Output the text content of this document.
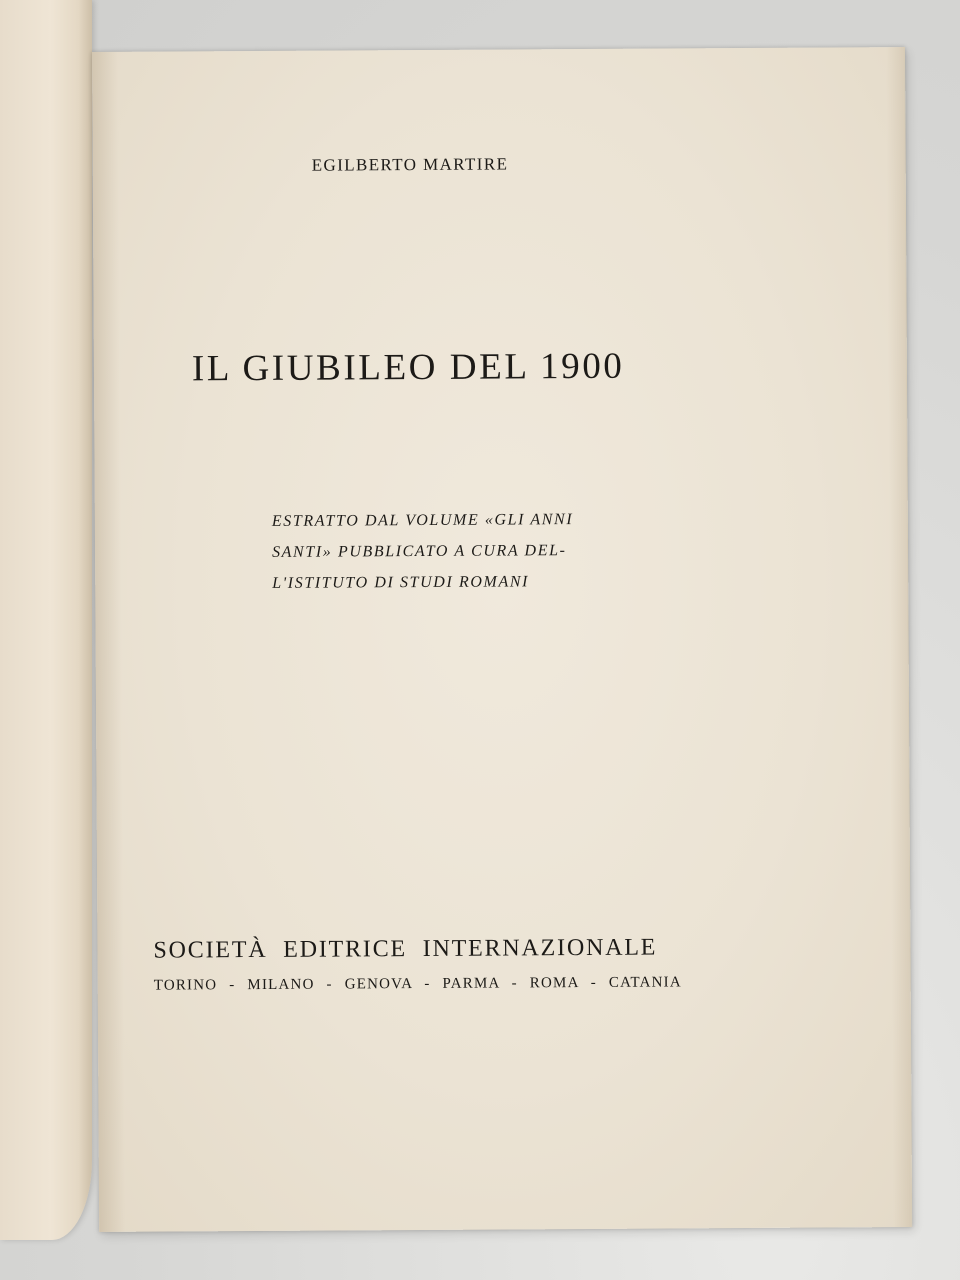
EGILBERTO MARTIRE
IL GIUBILEO DEL 1900
ESTRATTO DAL VOLUME «GLI ANNI
SANTI» PUBBLICATO A CURA DEL-
L'ISTITUTO DI STUDI ROMANI
SOCIETÀ EDITRICE INTERNAZIONALE
TORINO - MILANO - GENOVA - PARMA - ROMA - CATANIA
